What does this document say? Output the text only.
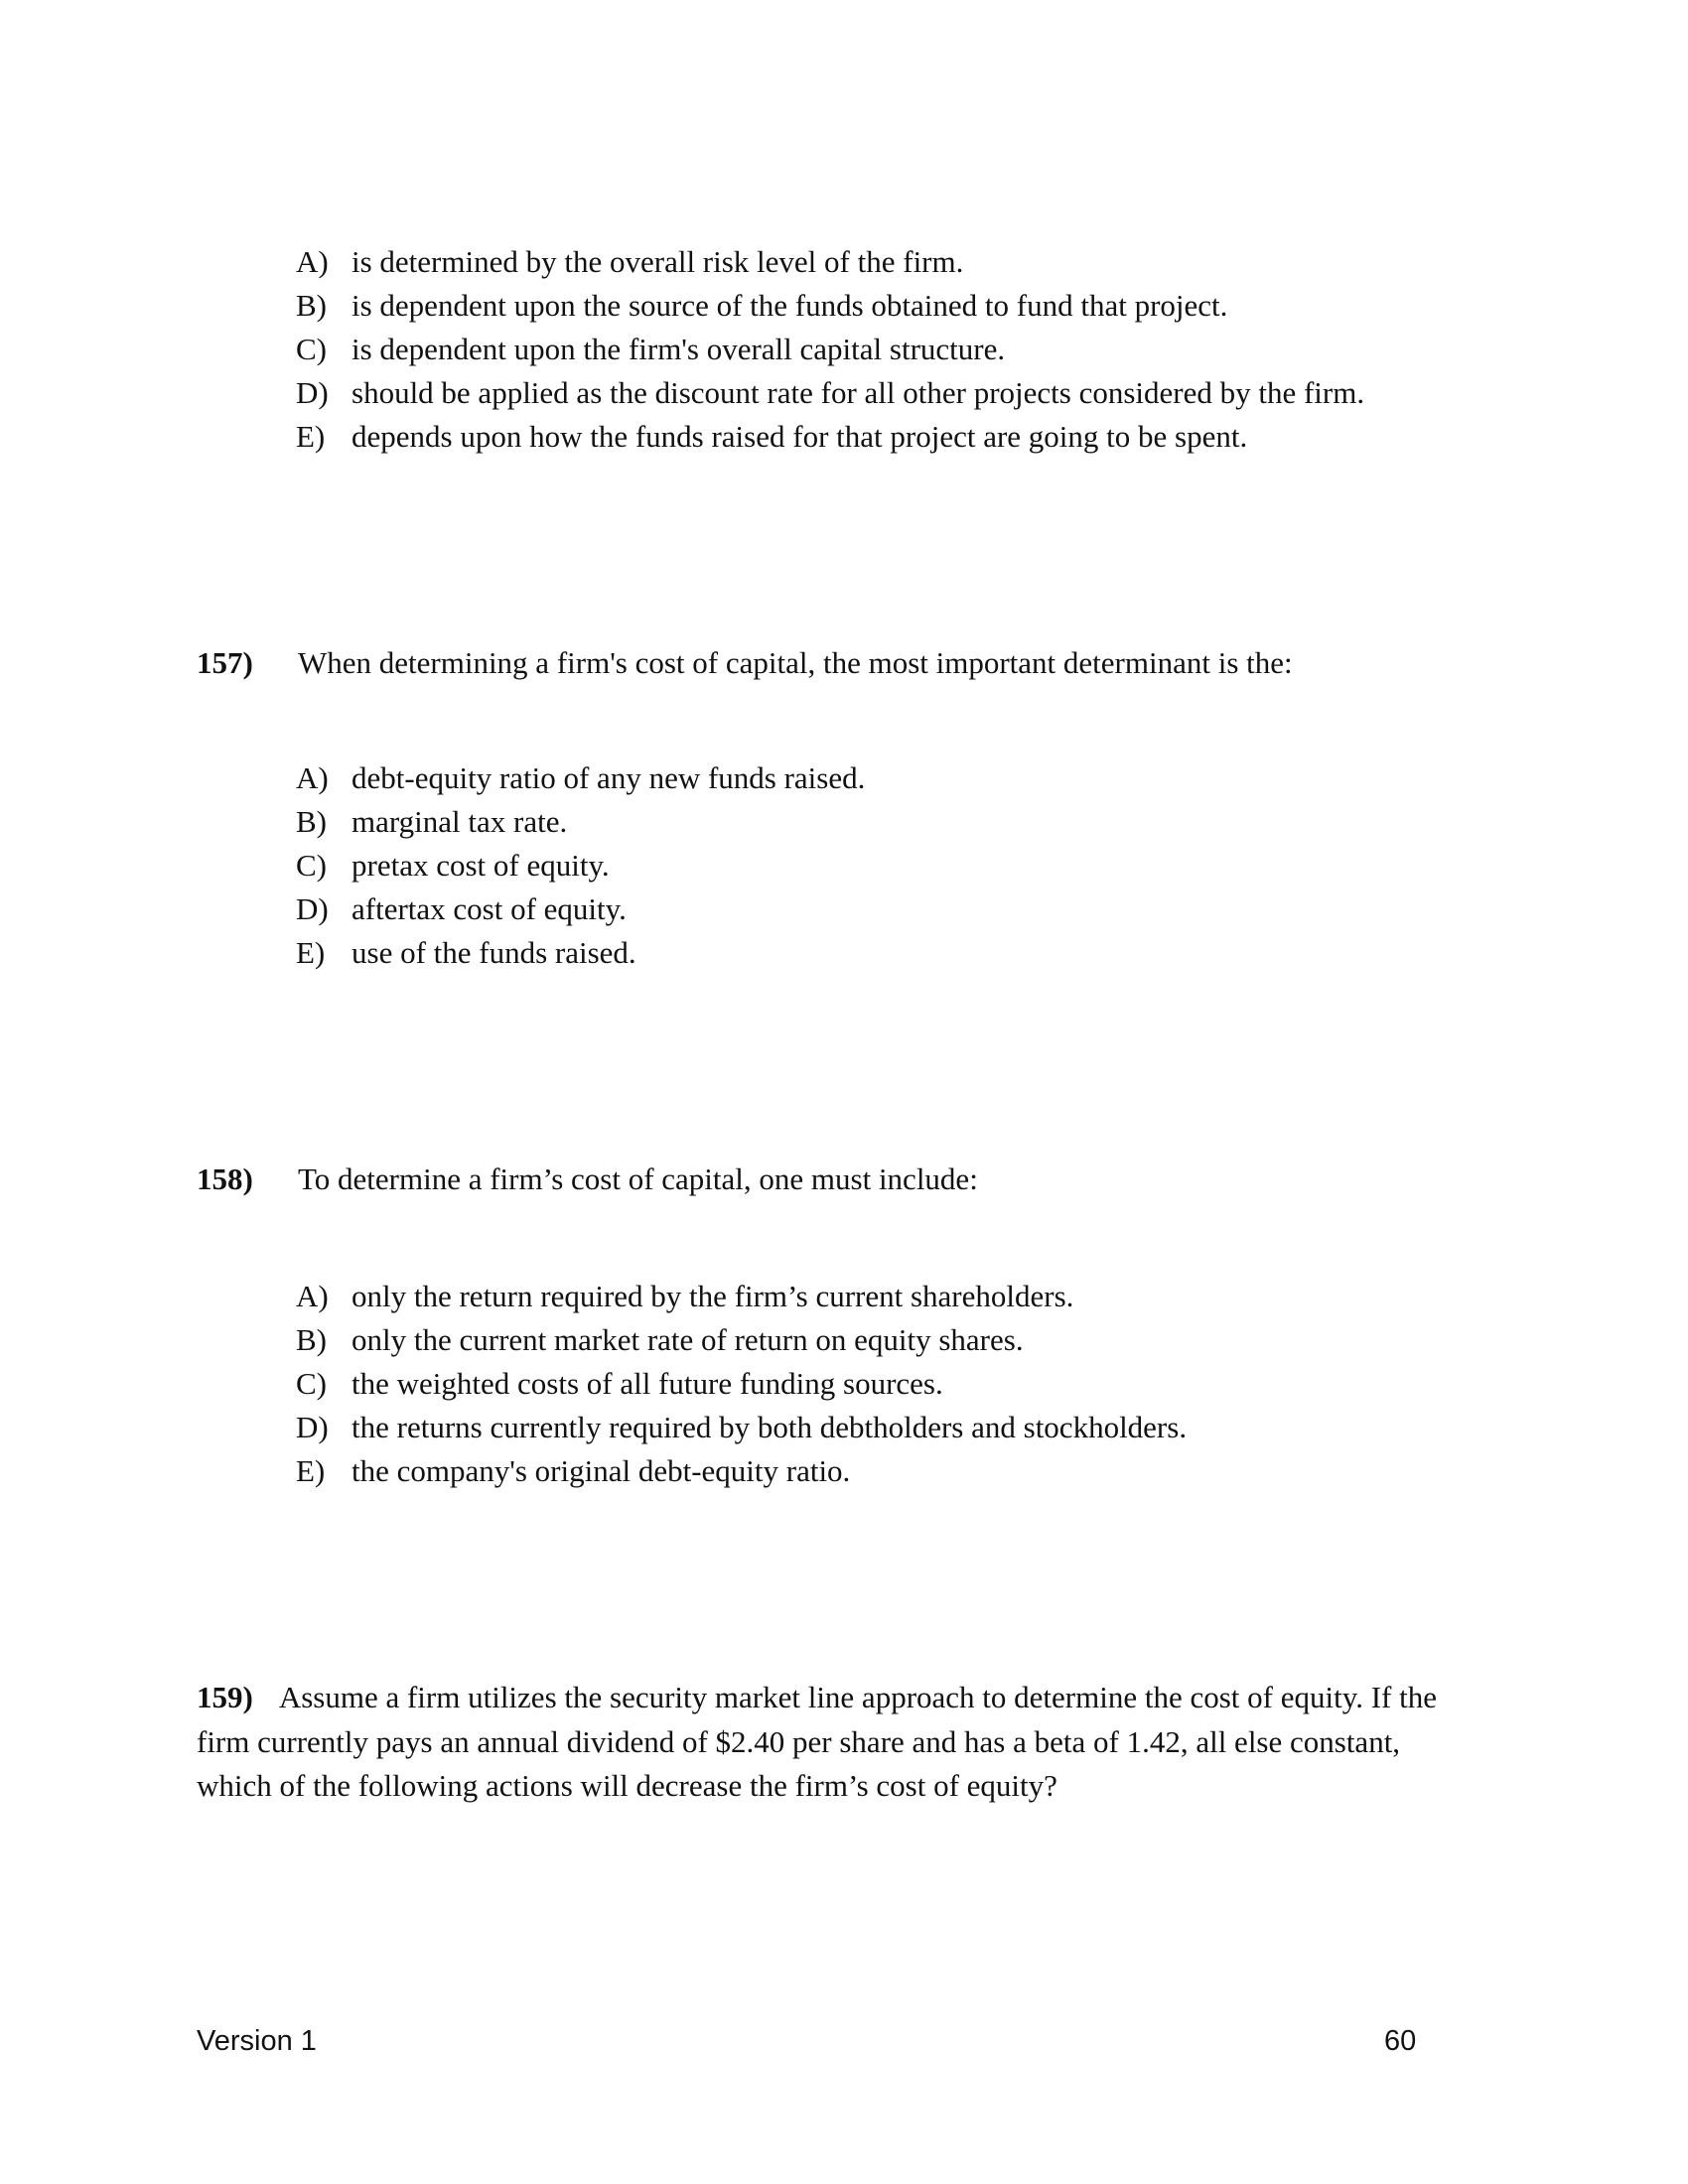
A) is determined by the overall risk level of the firm.
B) is dependent upon the source of the funds obtained to fund that project.
C) is dependent upon the firm's overall capital structure.
D) should be applied as the discount rate for all other projects considered by the firm.
E) depends upon how the funds raised for that project are going to be spent.
157) When determining a firm's cost of capital, the most important determinant is the:
A) debt-equity ratio of any new funds raised.
B) marginal tax rate.
C) pretax cost of equity.
D) aftertax cost of equity.
E) use of the funds raised.
158) To determine a firm’s cost of capital, one must include:
A) only the return required by the firm’s current shareholders.
B) only the current market rate of return on equity shares.
C) the weighted costs of all future funding sources.
D) the returns currently required by both debtholders and stockholders.
E) the company's original debt-equity ratio.
159) Assume a firm utilizes the security market line approach to determine the cost of equity. If the firm currently pays an annual dividend of $2.40 per share and has a beta of 1.42, all else constant, which of the following actions will decrease the firm’s cost of equity?
Version 1	60
